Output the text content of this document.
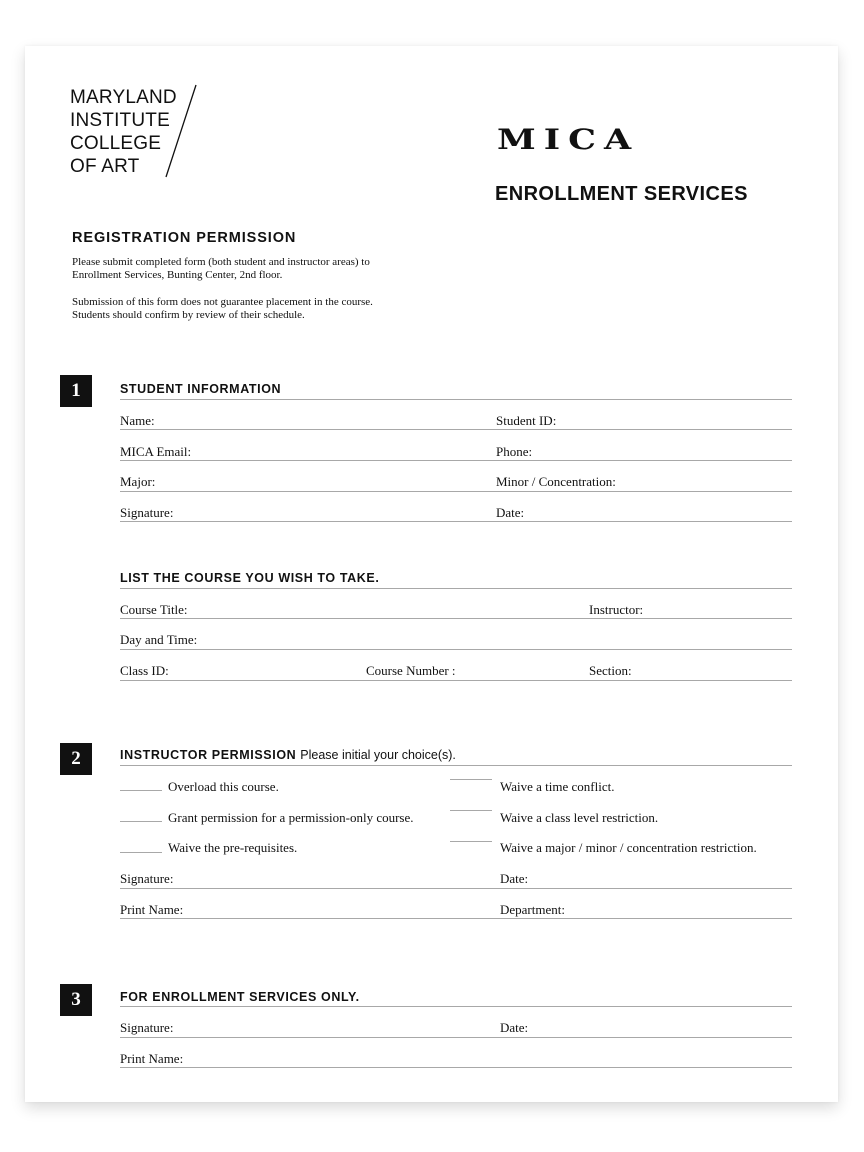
MARYLAND
INSTITUTE
COLLEGE
OF ART
MICA
ENROLLMENT SERVICES
REGISTRATION PERMISSION
Please submit completed form (both student and instructor areas) to Enrollment Services, Bunting Center, 2nd floor.
Submission of this form does not guarantee placement in the course. Students should confirm by review of their schedule.
1	STUDENT INFORMATION
Name:	Student ID:
MICA Email:	Phone:
Major:	Minor / Concentration:
Signature:	Date:
LIST THE COURSE YOU WISH TO TAKE.
Course Title:	Instructor:
Day and Time:
Class ID:	Course Number :	Section:
2	INSTRUCTOR PERMISSION Please initial your choice(s).
Overload this course.
Grant permission for a permission-only course.
Waive the pre-requisites.
Waive a time conflict.
Waive a class level restriction.
Waive a major / minor / concentration restriction.
Signature:	Date:
Print Name:	Department:
3	FOR ENROLLMENT SERVICES ONLY.
Signature:	Date:
Print Name:
